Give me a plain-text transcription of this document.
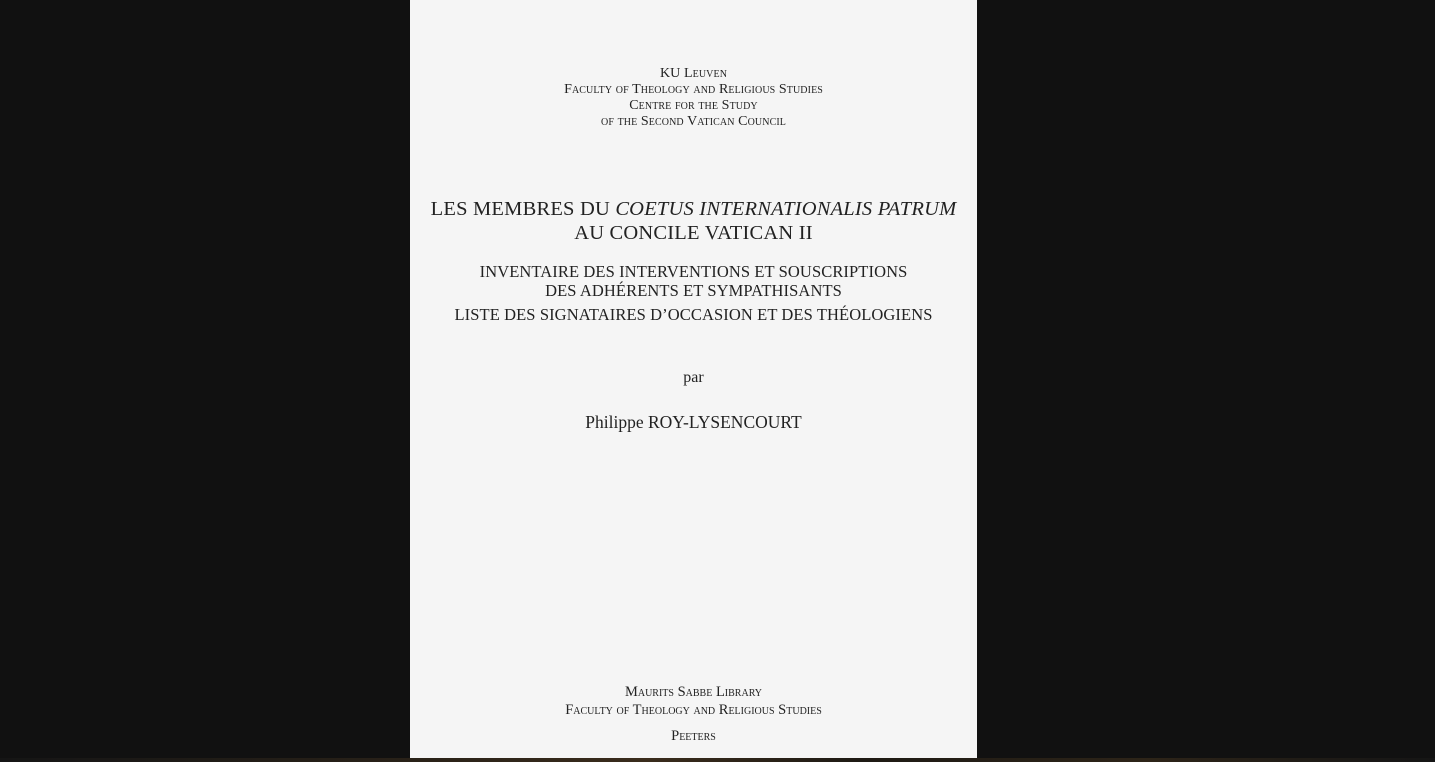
KU Leuven
Faculty of Theology and Religious Studies
Centre for the Study
of the Second Vatican Council
LES MEMBRES DU COETUS INTERNATIONALIS PATRUM
AU CONCILE VATICAN II
INVENTAIRE DES INTERVENTIONS ET SOUSCRIPTIONS
DES ADHÉRENTS ET SYMPATHISANTS
LISTE DES SIGNATAIRES D’OCCASION ET DES THÉOLOGIENS
par
Philippe ROY-LYSENCOURT
Maurits Sabbe Library
Faculty of Theology and Religious Studies
Peeters
